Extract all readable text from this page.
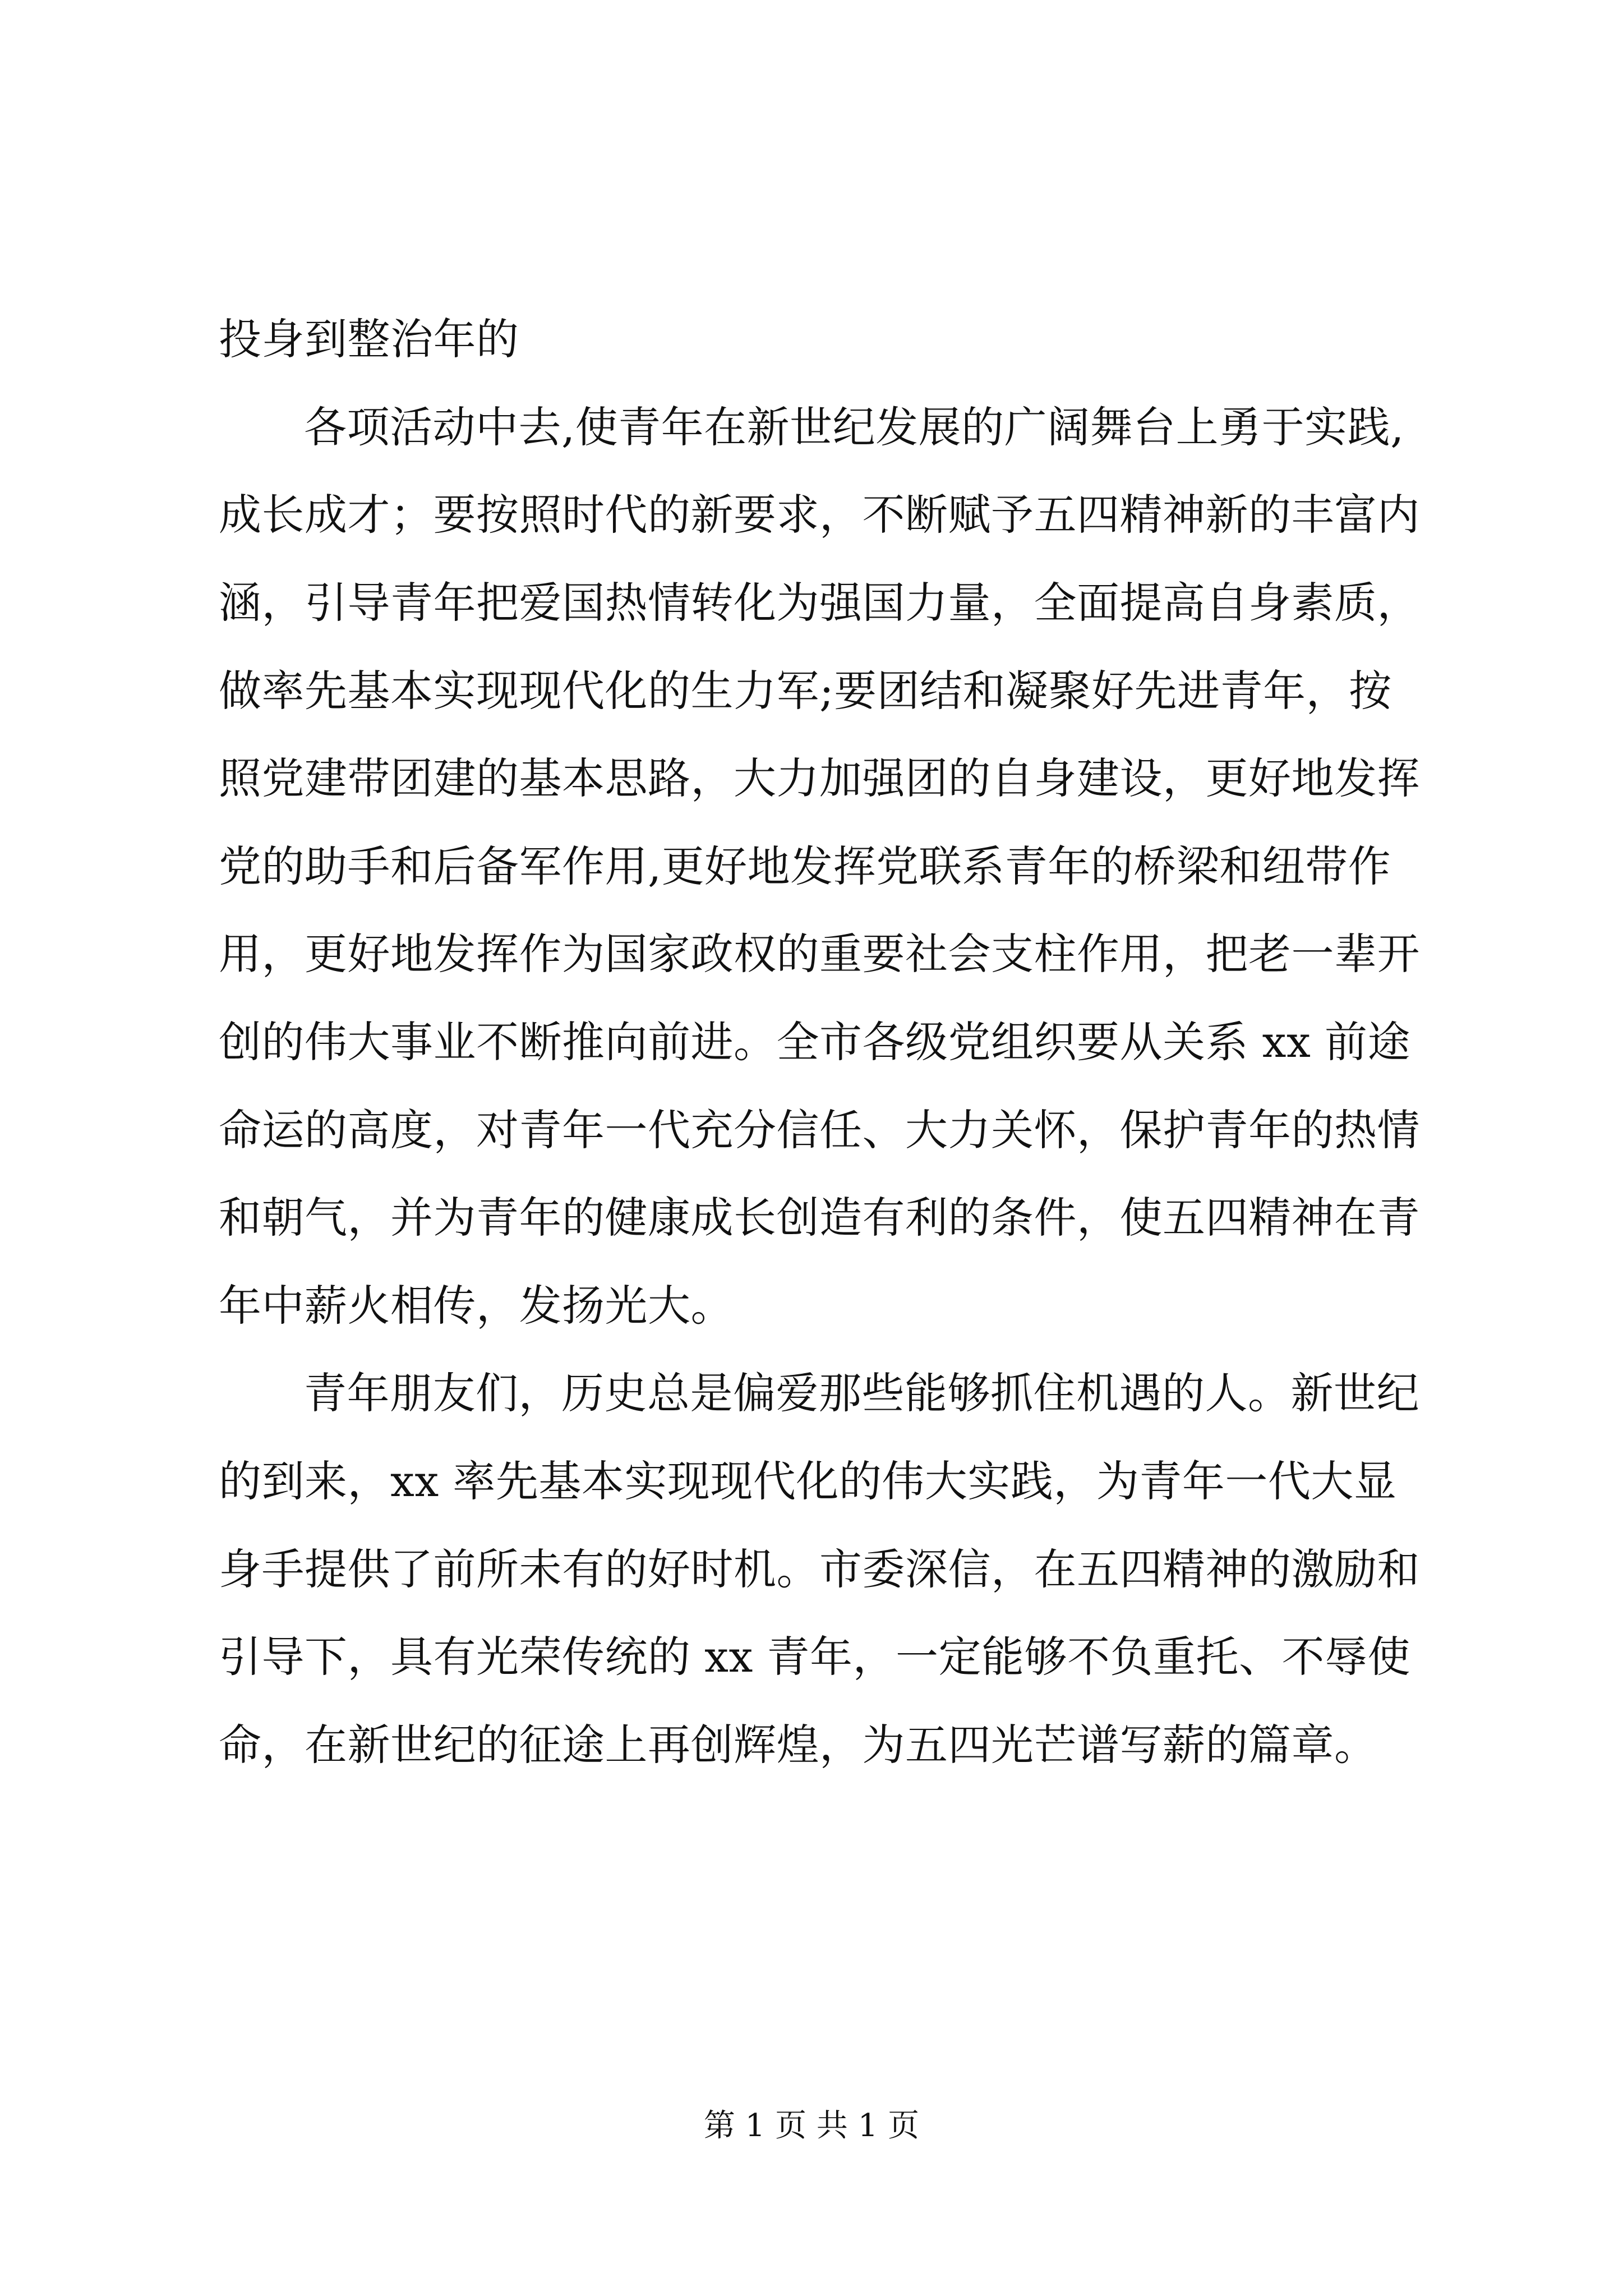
投身到整治年的
各项活动中去,使青年在新世纪发展的广阔舞台上勇于实践,
成长成才；要按照时代的新要求，不断赋予五四精神新的丰富内
涵，引导青年把爱国热情转化为强国力量，全面提高自身素质，
做率先基本实现现代化的生力军;要团结和凝聚好先进青年，按
照党建带团建的基本思路，大力加强团的自身建设，更好地发挥
党的助手和后备军作用,更好地发挥党联系青年的桥梁和纽带作
用，更好地发挥作为国家政权的重要社会支柱作用，把老一辈开
创的伟大事业不断推向前进。全市各级党组织要从关系 xx 前途
命运的高度，对青年一代充分信任、大力关怀，保护青年的热情
和朝气，并为青年的健康成长创造有利的条件，使五四精神在青
年中薪火相传，发扬光大。
青年朋友们，历史总是偏爱那些能够抓住机遇的人。新世纪
的到来，xx 率先基本实现现代化的伟大实践，为青年一代大显
身手提供了前所未有的好时机。市委深信，在五四精神的激励和
引导下，具有光荣传统的 xx 青年，一定能够不负重托、不辱使
命，在新世纪的征途上再创辉煌，为五四光芒谱写薪的篇章。
第 1 页 共 1 页
